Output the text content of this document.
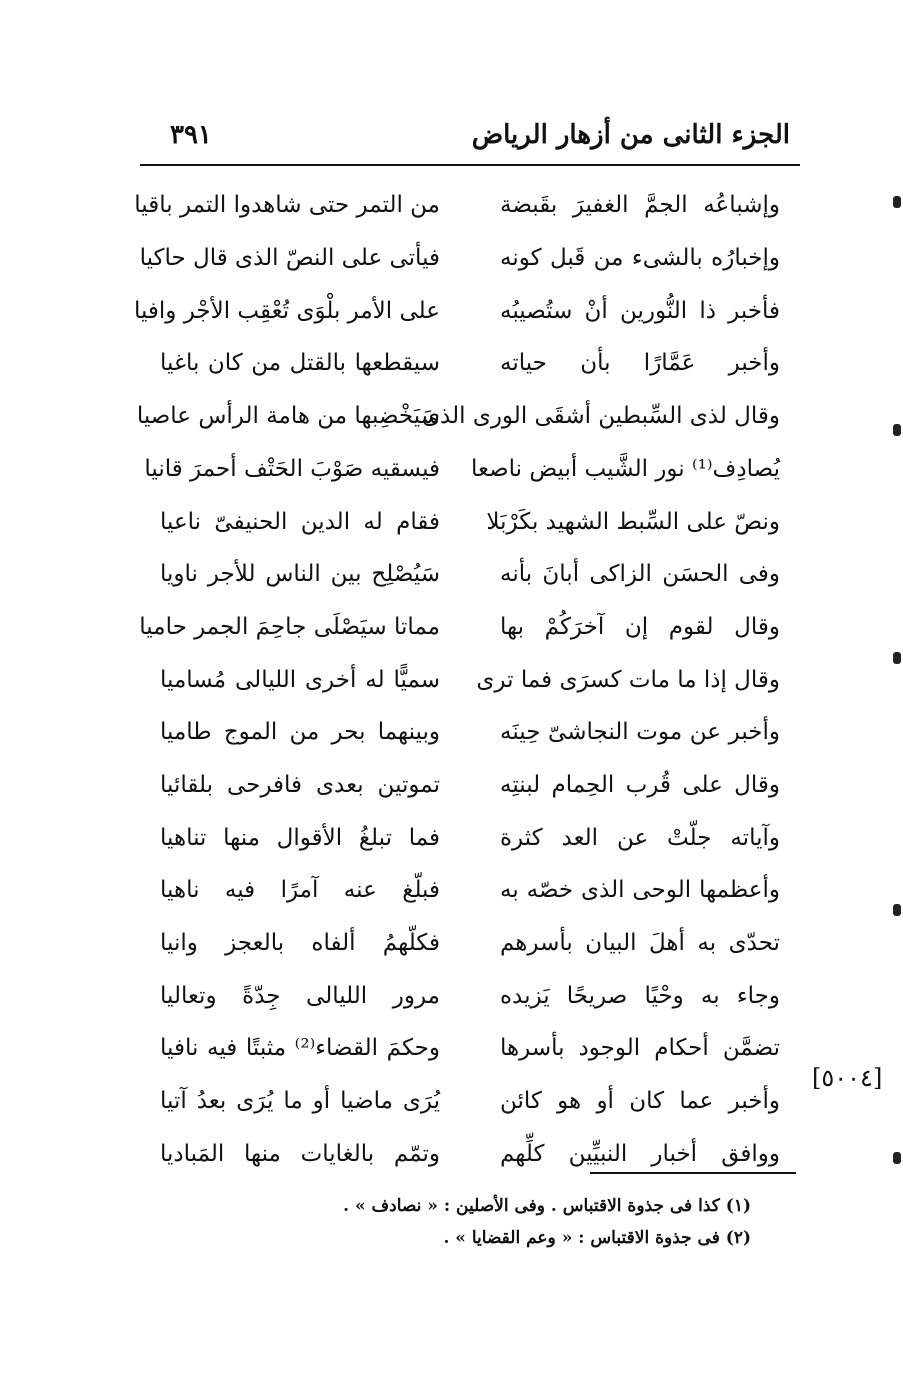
الجزء الثانى من أزهار الرياض
٣٩١
وإشباعُه الجمَّ الغفيرَ بقَبضة
من التمر حتى شاهدوا التمر باقيا
وإخبارُه بالشىء من قَبل كونه
فيأتى على النصّ الذى قال حاكيا
فأخبر ذا النُّورين أنْ ستُصيبُه
على الأمر بلْوَى تُعْقِب الأجْر وافيا
وأخبر عَمَّارًا بأن حياته
سيقطعها بالقتل من كان باغيا
وقال لذى السِّبطين أشقَى الورى الذى
سَيَخْضِبها من هامة الرأس عاصيا
يُصادِف⁽¹⁾ نور الشَّيب أبيض ناصعا
فيسقيه صَوْبَ الحَتْف أحمرَ قانيا
ونصّ على السِّبط الشهيد بكَرْبَلا
فقام له الدين الحنيفىّ ناعيا
وفى الحسَن الزاكى أبانَ بأنه
سَيُصْلِح بين الناس للأجر ناويا
وقال لقوم إن آخرَكُمْ بها
مماتا سيَصْلَى جاحِمَ الجمر حاميا
وقال إذا ما مات كسرَى فما ترى
سميًّا له أخرى الليالى مُساميا
وأخبر عن موت النجاشىّ حِينَه
وبينهما بحر من الموج طاميا
وقال على قُرب الحِمام لبنتِه
تموتين بعدى فافرحى بلقائيا
وآياته جلّتْ عن العد كثرة
فما تبلغُ الأقوال منها تناهيا
وأعظمها الوحى الذى خصّه به
فبلّغ عنه آمرًا فيه ناهيا
تحدّى به أهلَ البيان بأسرهم
فكلّهمُ ألفاه بالعجز وانيا
وجاء به وحْيًا صريحًا يَزيده
مرور الليالى جِدّةً وتعاليا
تضمَّن أحكام الوجود بأسرها
وحكمَ القضاء⁽²⁾ مثبتًا فيه نافيا
وأخبر عما كان أو هو كائن
يُرَى ماضيا أو ما يُرَى بعدُ آتيا
ووافق أخبار النبيِّين كلِّهم
وتمّم بالغايات منها المَباديا
[٥٠٠٤]
(١) كذا فى جذوة الاقتباس . وفى الأصلين : « نصادف » .
(٢) فى جذوة الاقتباس : « وعم القضايا » .
